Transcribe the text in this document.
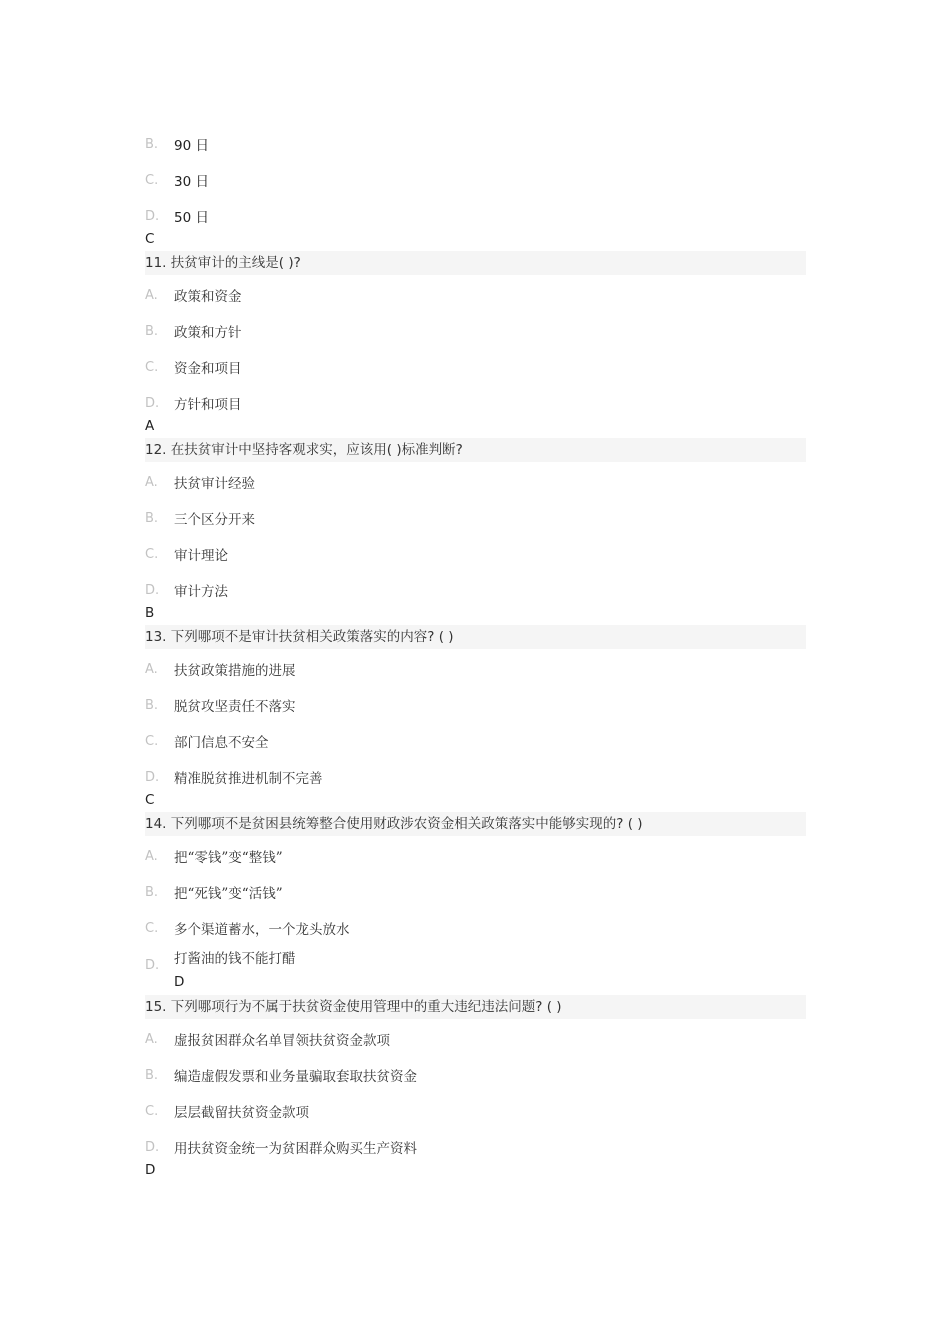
B.	90 日
C.	30 日
D.	50 日
C
11. 扶贫审计的主线是( )?
A.	政策和资金
B.	政策和方针
C.	资金和项目
D.	方针和项目
A
12. 在扶贫审计中坚持客观求实，应该用( )标准判断?
A.	扶贫审计经验
B.	三个区分开来
C.	审计理论
D.	审计方法
B
13. 下列哪项不是审计扶贫相关政策落实的内容? ( )
A.	扶贫政策措施的进展
B.	脱贫攻坚责任不落实
C.	部门信息不安全
D.	精准脱贫推进机制不完善
C
14. 下列哪项不是贫困县统筹整合使用财政涉农资金相关政策落实中能够实现的? ( )
A.	把“零钱”变“整钱”
B.	把“死钱”变“活钱”
C.	多个渠道蓄水，一个龙头放水
D.	打酱油的钱不能打醋
D
15. 下列哪项行为不属于扶贫资金使用管理中的重大违纪违法问题? ( )
A.	虚报贫困群众名单冒领扶贫资金款项
B.	编造虚假发票和业务量骗取套取扶贫资金
C.	层层截留扶贫资金款项
D.	用扶贫资金统一为贫困群众购买生产资料
D
